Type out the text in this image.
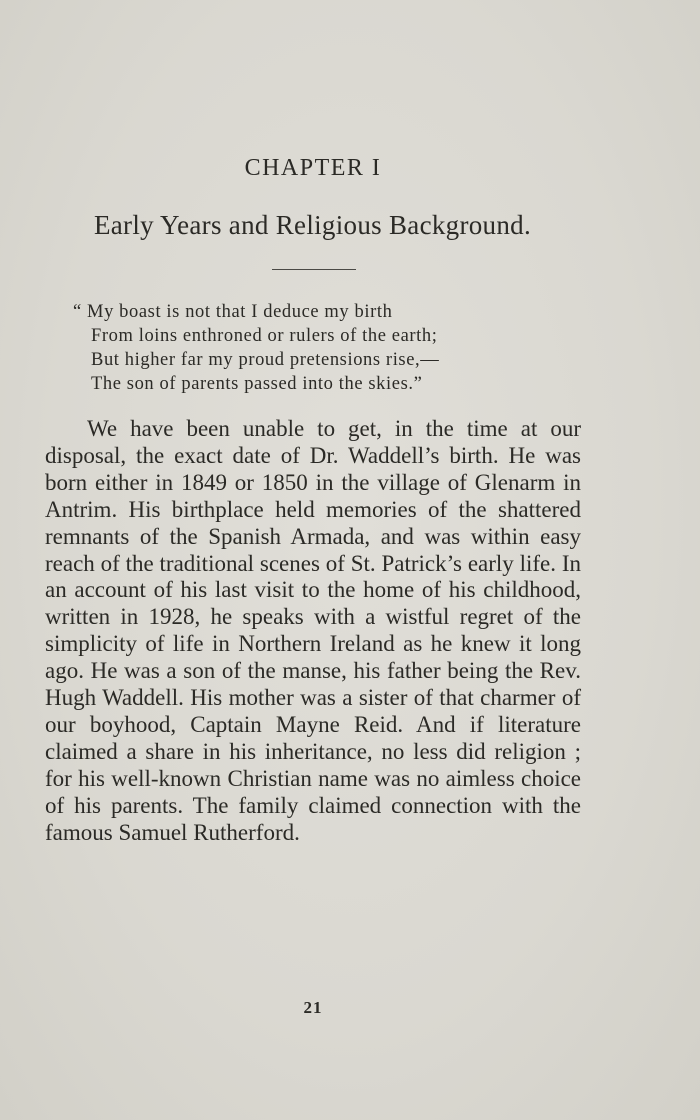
CHAPTER I
Early Years and Religious Background.
“ My boast is not that I deduce my birth
From loins enthroned or rulers of the earth;
But higher far my proud pretensions rise,—
The son of parents passed into the skies.”

We have been unable to get, in the time at our disposal, the exact date of Dr. Waddell’s birth. He was born either in 1849 or 1850 in the village of Glenarm in Antrim. His birthplace held memories of the shattered remnants of the Spanish Armada, and was within easy reach of the traditional scenes of St. Patrick’s early life. In an account of his last visit to the home of his childhood, written in 1928, he speaks with a wistful regret of the simplicity of life in Northern Ireland as he knew it long ago. He was a son of the manse, his father being the Rev. Hugh Waddell. His mother was a sister of that charmer of our boyhood, Captain Mayne Reid. And if literature claimed a share in his inheritance, no less did religion ; for his well-known Christian name was no aimless choice of his parents. The family claimed connection with the famous Samuel Rutherford.

21
